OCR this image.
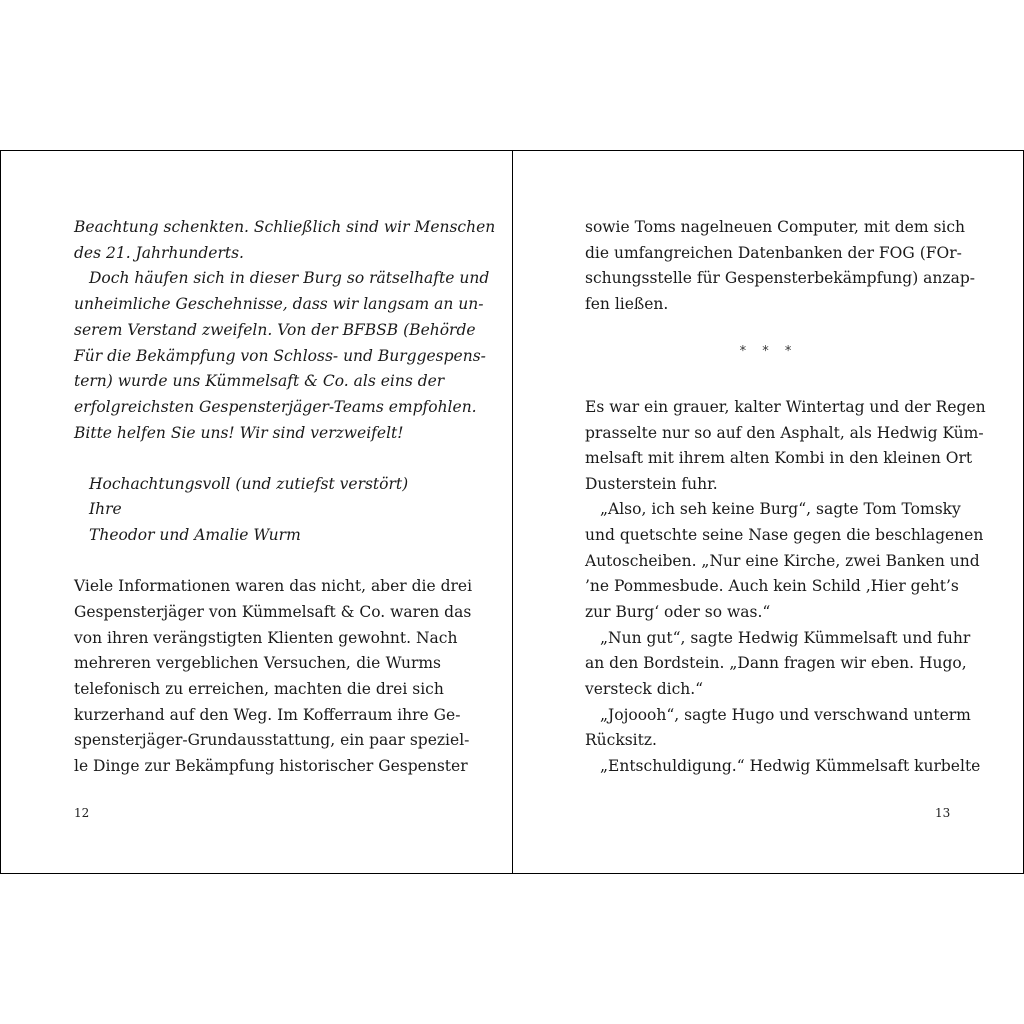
Beachtung schenkten. Schließlich sind wir Menschen
des 21. Jahrhunderts.
Doch häufen sich in dieser Burg so rätselhafte und
unheimliche Geschehnisse, dass wir langsam an un-
serem Verstand zweifeln. Von der BFBSB (Behörde
Für die Bekämpfung von Schloss- und Burggespens-
tern) wurde uns Kümmelsaft & Co. als eins der
erfolgreichsten Gespensterjäger-Teams empfohlen.
Bitte helfen Sie uns! Wir sind verzweifelt!
Hochachtungsvoll (und zutiefst verstört)
Ihre
Theodor und Amalie Wurm
Viele Informationen waren das nicht, aber die drei
Gespensterjäger von Kümmelsaft & Co. waren das
von ihren verängstigten Klienten gewohnt. Nach
mehreren vergeblichen Versuchen, die Wurms
telefonisch zu erreichen, machten die drei sich
kurzerhand auf den Weg. Im Kofferraum ihre Ge-
spensterjäger-Grundausstattung, ein paar speziel-
le Dinge zur Bekämpfung historischer Gespenster
12
sowie Toms nagelneuen Computer, mit dem sich
die umfangreichen Datenbanken der FOG (FOr-
schungsstelle für Gespensterbekämpfung) anzap-
fen ließen.
* * *
Es war ein grauer, kalter Wintertag und der Regen
prasselte nur so auf den Asphalt, als Hedwig Küm-
melsaft mit ihrem alten Kombi in den kleinen Ort
Dusterstein fuhr.
„Also, ich seh keine Burg“, sagte Tom Tomsky
und quetschte seine Nase gegen die beschlagenen
Autoscheiben. „Nur eine Kirche, zwei Banken und
’ne Pommesbude. Auch kein Schild ‚Hier geht’s
zur Burg‘ oder so was.“
„Nun gut“, sagte Hedwig Kümmelsaft und fuhr
an den Bordstein. „Dann fragen wir eben. Hugo,
versteck dich.“
„Jojoooh“, sagte Hugo und verschwand unterm
Rücksitz.
„Entschuldigung.“ Hedwig Kümmelsaft kurbelte
13
